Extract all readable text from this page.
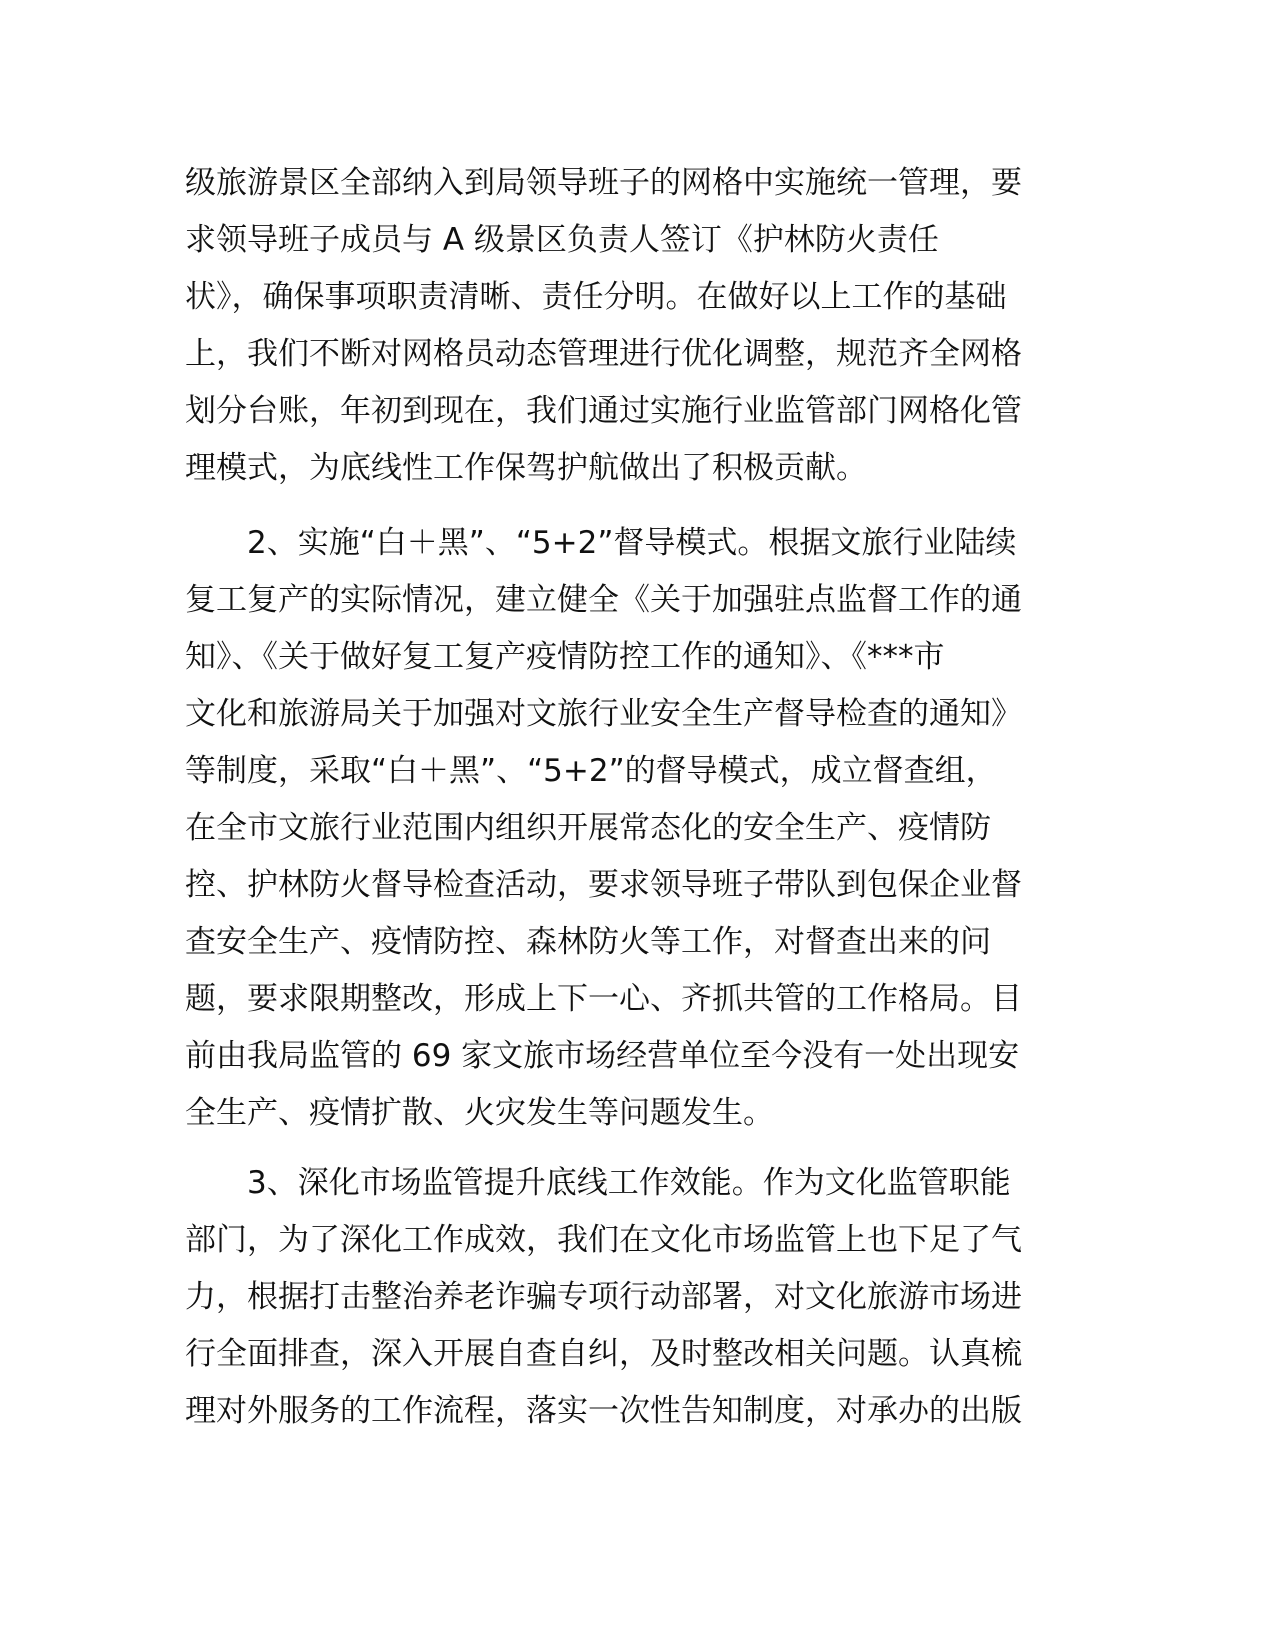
级旅游景区全部纳入到局领导班子的网格中实施统一管理，要
求领导班子成员与 A 级景区负责人签订《护林防火责任
状》，确保事项职责清晰、责任分明。在做好以上工作的基础
上，我们不断对网格员动态管理进行优化调整，规范齐全网格
划分台账，年初到现在，我们通过实施行业监管部门网格化管
理模式，为底线性工作保驾护航做出了积极贡献。
　　2、实施“白＋黑”、“5+2”督导模式。根据文旅行业陆续
复工复产的实际情况，建立健全《关于加强驻点监督工作的通
知》、《关于做好复工复产疫情防控工作的通知》、《***市
文化和旅游局关于加强对文旅行业安全生产督导检查的通知》
等制度，采取“白＋黑”、“5+2”的督导模式，成立督查组，
在全市文旅行业范围内组织开展常态化的安全生产、疫情防
控、护林防火督导检查活动，要求领导班子带队到包保企业督
查安全生产、疫情防控、森林防火等工作，对督查出来的问
题，要求限期整改，形成上下一心、齐抓共管的工作格局。目
前由我局监管的 69 家文旅市场经营单位至今没有一处出现安
全生产、疫情扩散、火灾发生等问题发生。
　　3、深化市场监管提升底线工作效能。作为文化监管职能
部门，为了深化工作成效，我们在文化市场监管上也下足了气
力，根据打击整治养老诈骗专项行动部署，对文化旅游市场进
行全面排查，深入开展自查自纠，及时整改相关问题。认真梳
理对外服务的工作流程，落实一次性告知制度，对承办的出版
